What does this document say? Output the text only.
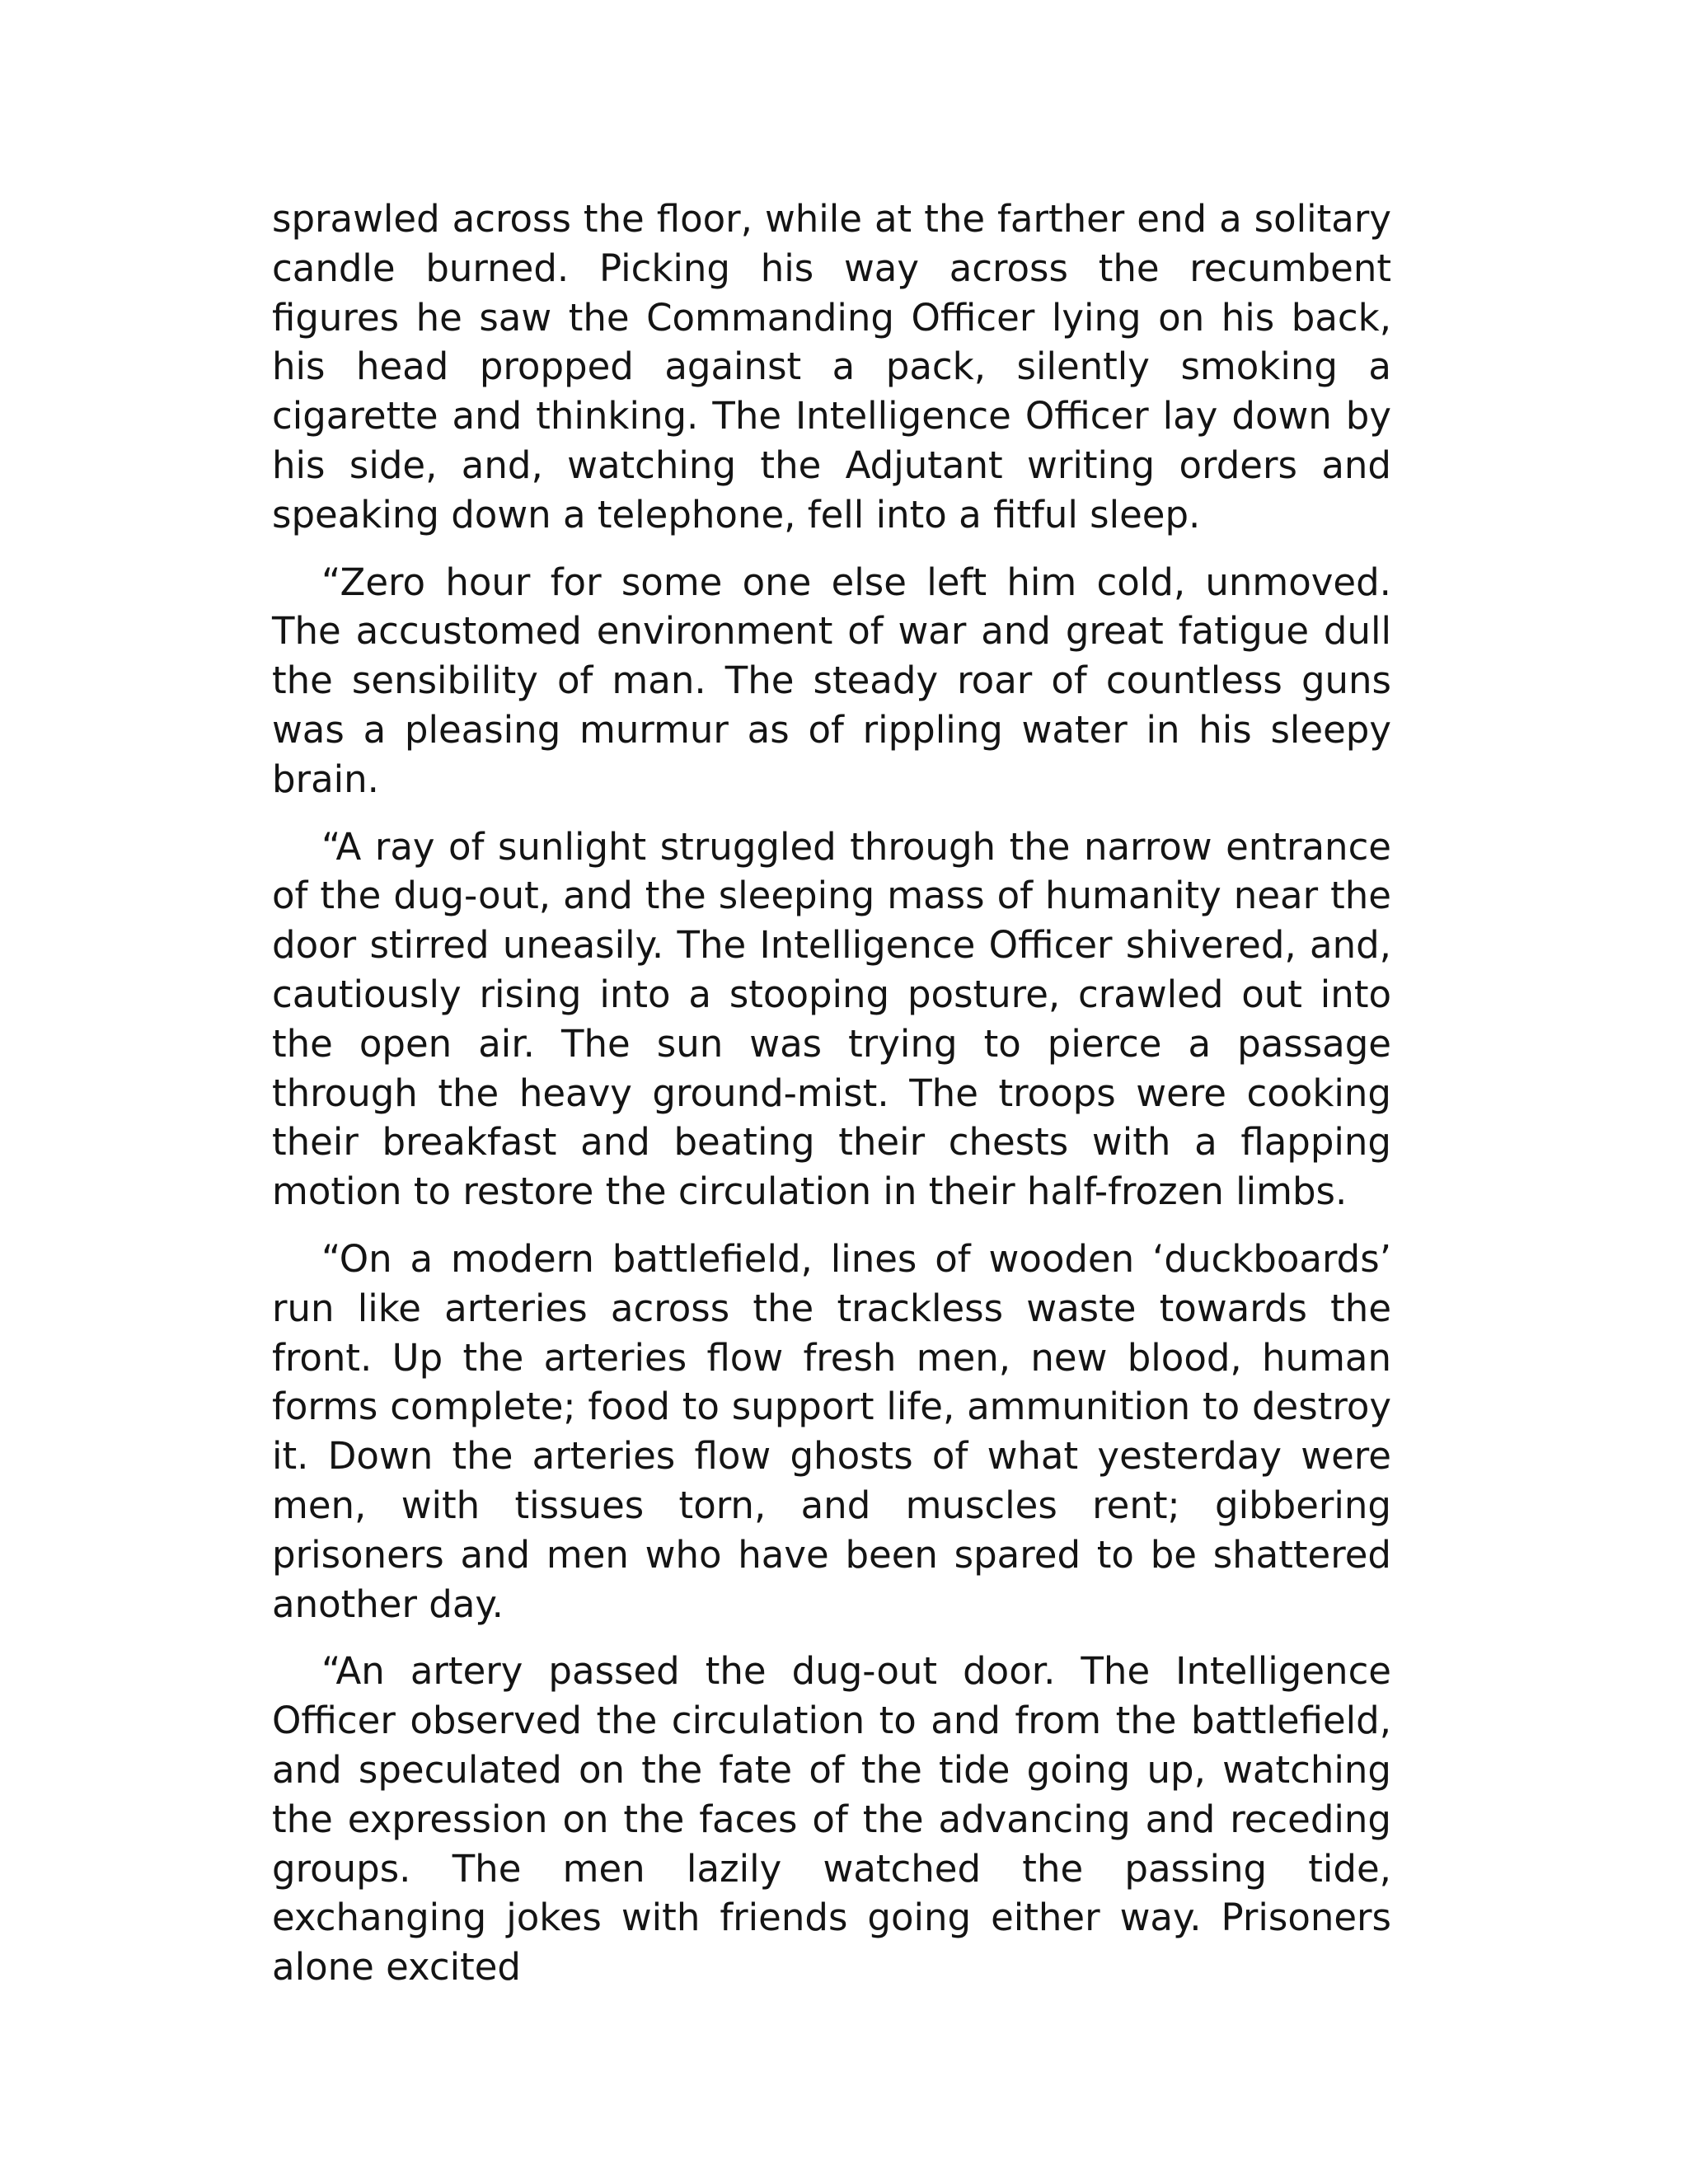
sprawled across the floor, while at the farther end a solitary candle burned. Picking his way across the recumbent figures he saw the Commanding Officer lying on his back, his head propped against a pack, silently smoking a cigarette and thinking. The Intelligence Officer lay down by his side, and, watching the Adjutant writing orders and speaking down a telephone, fell into a fitful sleep.

“Zero hour for some one else left him cold, unmoved. The accustomed environment of war and great fatigue dull the sensibility of man. The steady roar of countless guns was a pleasing murmur as of rippling water in his sleepy brain.

“A ray of sunlight struggled through the narrow entrance of the dug-out, and the sleeping mass of humanity near the door stirred uneasily. The Intelligence Officer shivered, and, cautiously rising into a stooping posture, crawled out into the open air. The sun was trying to pierce a passage through the heavy ground-mist. The troops were cooking their breakfast and beating their chests with a flapping motion to restore the circulation in their half-frozen limbs.

“On a modern battlefield, lines of wooden ‘duckboards’ run like arteries across the trackless waste towards the front. Up the arteries flow fresh men, new blood, human forms complete; food to support life, ammunition to destroy it. Down the arteries flow ghosts of what yesterday were men, with tissues torn, and muscles rent; gibbering prisoners and men who have been spared to be shattered another day.

“An artery passed the dug-out door. The Intelligence Officer observed the circulation to and from the battlefield, and speculated on the fate of the tide going up, watching the expression on the faces of the advancing and receding groups. The men lazily watched the passing tide, exchanging jokes with friends going either way. Prisoners alone excited
